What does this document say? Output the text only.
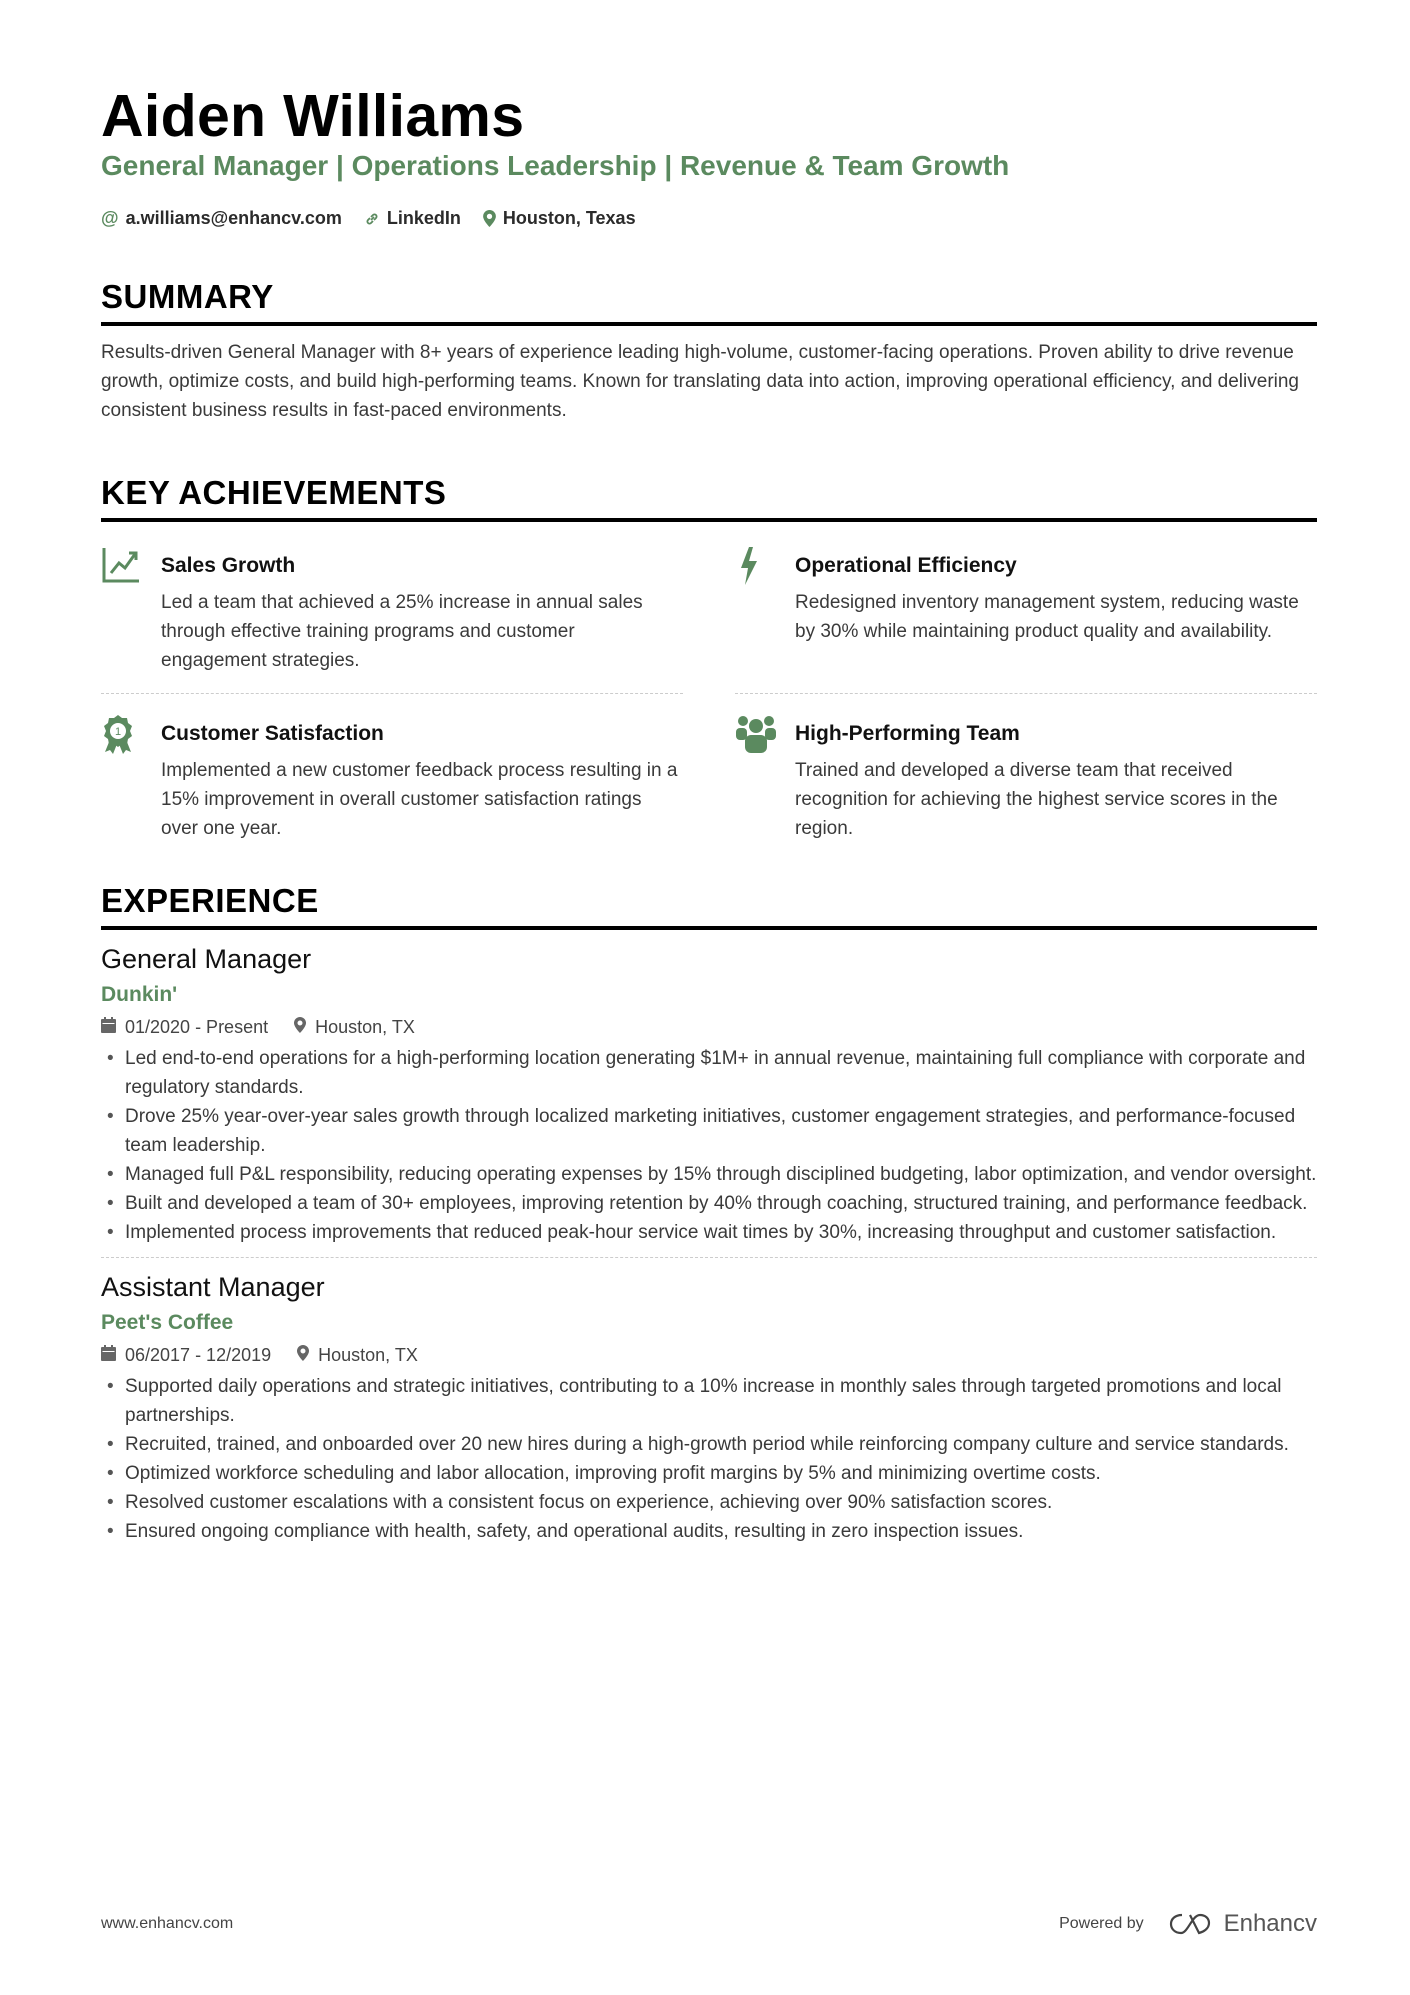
Aiden Williams
General Manager | Operations Leadership | Revenue & Team Growth
@ a.williams@enhancv.com	LinkedIn Houston, Texas
SUMMARY

Results-driven General Manager with 8+ years of experience leading high-volume, customer-facing operations. Proven ability to drive revenue growth, optimize costs, and build high-performing teams. Known for translating data into action, improving operational efficiency, and delivering consistent business results in fast-paced environments.

KEY ACHIEVEMENTS
Sales Growth
Led a team that achieved a 25% increase in annual sales through effective training programs and customer engagement strategies.
Operational Efficiency
Redesigned inventory management system, reducing waste by 30% while maintaining product quality and availability.
1 Customer Satisfaction
Implemented a new customer feedback process resulting in a 15% improvement in overall customer satisfaction ratings over one year.
High-Performing Team
Trained and developed a diverse team that received recognition for achieving the highest service scores in the region.
EXPERIENCE
General Manager
Dunkin'
01/2020 - Present	Houston, TX
• Led end-to-end operations for a high-performing location generating $1M+ in annual revenue, maintaining full compliance with corporate and regulatory standards.
• Drove 25% year-over-year sales growth through localized marketing initiatives, customer engagement strategies, and performance-focused team leadership.
• Managed full P&L responsibility, reducing operating expenses by 15% through disciplined budgeting, labor optimization, and vendor oversight.
• Built and developed a team of 30+ employees, improving retention by 40% through coaching, structured training, and performance feedback.
• Implemented process improvements that reduced peak-hour service wait times by 30%, increasing throughput and customer satisfaction.
Assistant Manager
Peet's Coffee
06/2017 - 12/2019	Houston, TX
• Supported daily operations and strategic initiatives, contributing to a 10% increase in monthly sales through targeted promotions and local partnerships.
• Recruited, trained, and onboarded over 20 new hires during a high-growth period while reinforcing company culture and service standards.
• Optimized workforce scheduling and labor allocation, improving profit margins by 5% and minimizing overtime costs.
• Resolved customer escalations with a consistent focus on experience, achieving over 90% satisfaction scores.
• Ensured ongoing compliance with health, safety, and operational audits, resulting in zero inspection issues.
www.enhancv.com	Powered by	Enhancv
